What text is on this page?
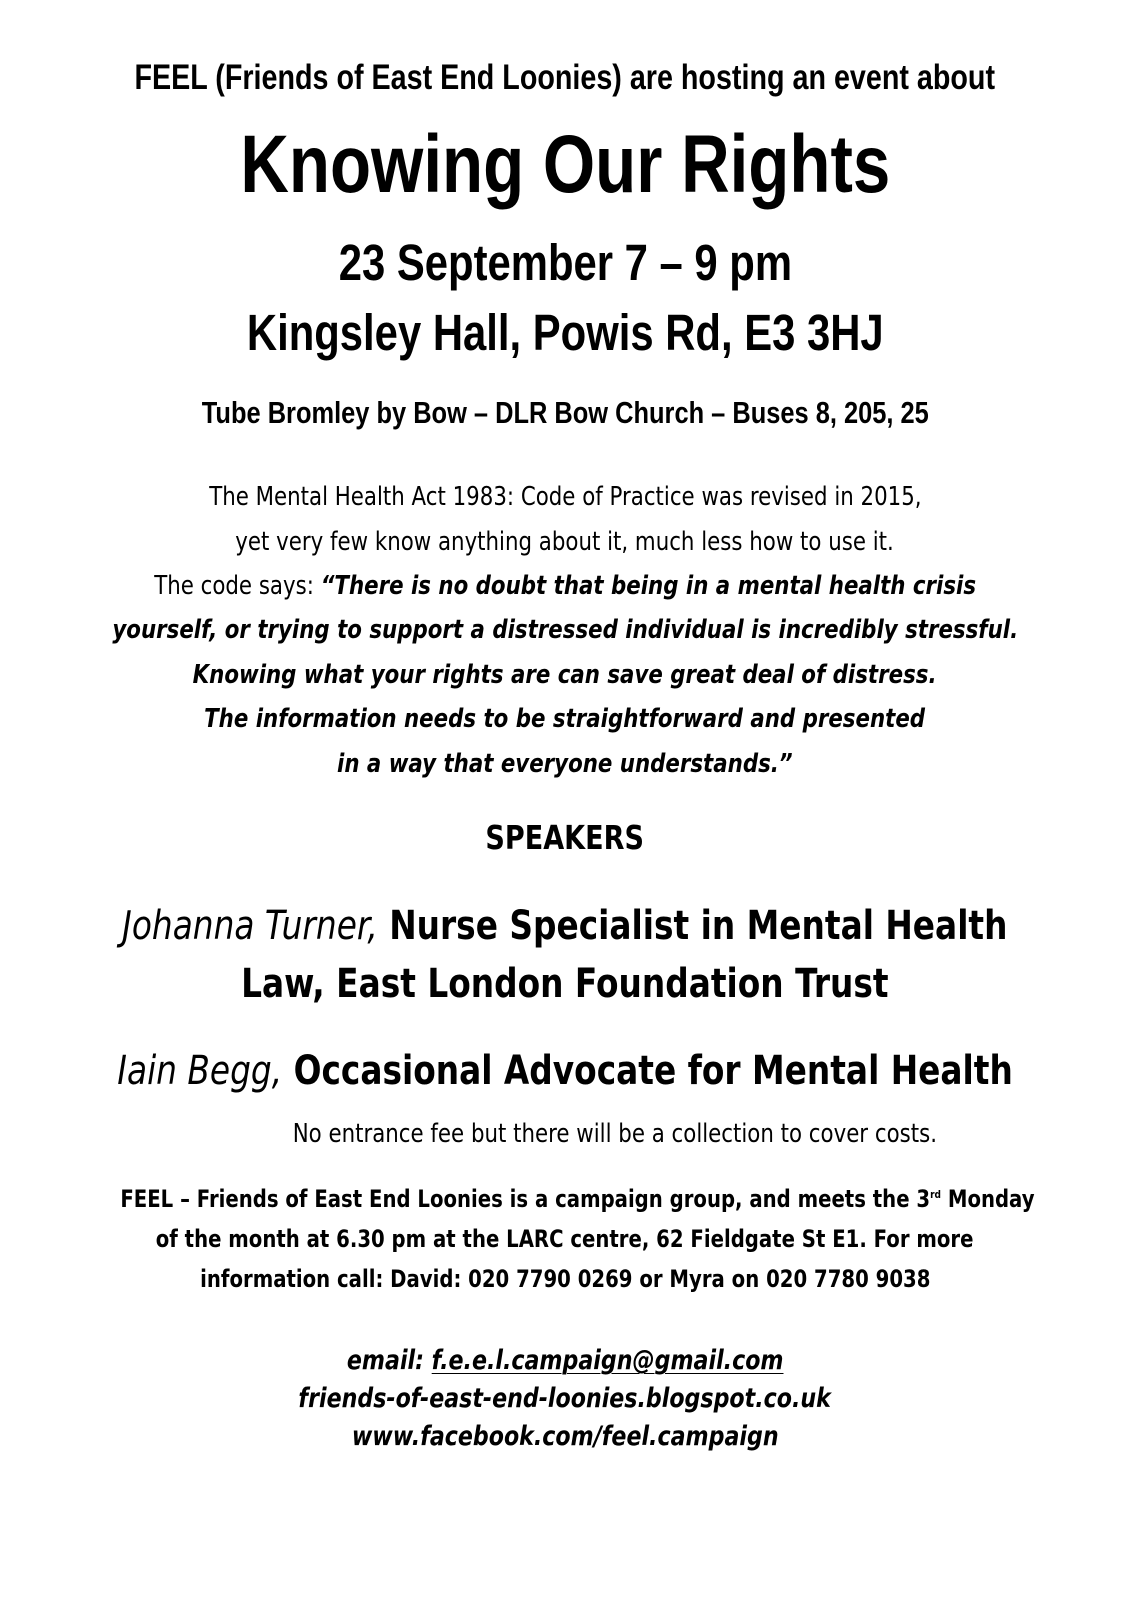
FEEL (Friends of East End Loonies) are hosting an event about
Knowing Our Rights
23 September 7 – 9 pm
Kingsley Hall, Powis Rd, E3 3HJ
Tube Bromley by Bow – DLR Bow Church – Buses 8, 205, 25
The Mental Health Act 1983: Code of Practice was revised in 2015,
yet very few know anything about it, much less how to use it.
The code says: “There is no doubt that being in a mental health crisis
yourself, or trying to support a distressed individual is incredibly stressful.
Knowing what your rights are can save great deal of distress.
The information needs to be straightforward and presented
in a way that everyone understands.”
SPEAKERS
Johanna Turner, Nurse Specialist in Mental Health
Law, East London Foundation Trust
Iain Begg, Occasional Advocate for Mental Health
No entrance fee but there will be a collection to cover costs.
FEEL – Friends of East End Loonies is a campaign group, and meets the 3rd Monday
of the month at 6.30 pm at the LARC centre, 62 Fieldgate St E1. For more
information call: David: 020 7790 0269 or Myra on 020 7780 9038
email: f.e.e.l.campaign@gmail.com
friends-of-east-end-loonies.blogspot.co.uk
www.facebook.com/feel.campaign
